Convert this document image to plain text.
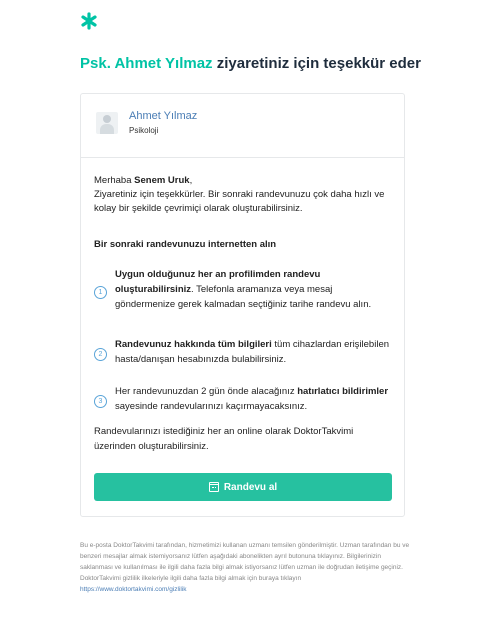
Psk. Ahmet Yılmaz ziyaretiniz için teşekkür eder
Ahmet Yılmaz
Psikoloji

Merhaba Senem Uruk,

Ziyaretiniz için teşekkürler. Bir sonraki randevunuzu çok daha hızlı ve kolay bir şekilde çevrimiçi olarak oluşturabilirsiniz.

Bir sonraki randevunuzu internetten alın
1
Uygun olduğunuz her an profilimden randevu oluşturabilirsiniz. Telefonla aramanıza veya mesaj göndermenize gerek kalmadan seçtiğiniz tarihe randevu alın.
2
Randevunuz hakkında tüm bilgileri tüm cihazlardan erişilebilen hasta/danışan hesabınızda bulabilirsiniz.
3
Her randevunuzdan 2 gün önde alacağınız hatırlatıcı bildirimler sayesinde randevularınızı kaçırmayacaksınız.
Randevularınızı istediğiniz her an online olarak DoktorTakvimi üzerinden oluşturabilirsiniz.
Randevu al
Bu e-posta DoktorTakvimi tarafından, hizmetimizi kullanan uzmanı temsilen gönderilmiştir. Uzman tarafından bu ve benzeri mesajlar almak istemiyorsanız lütfen aşağıdaki abonelikten ayrıl butonuna tıklayınız. Bilgilerinizin saklanması ve kullanılması ile ilgili daha fazla bilgi almak istiyorsanız lütfen uzman ile doğrudan iletişime geçiniz. DoktorTakvimi gizlilik ilkeleriyle ilgili daha fazla bilgi almak için buraya tıklayın
https://www.doktortakvimi.com/gizlilik
